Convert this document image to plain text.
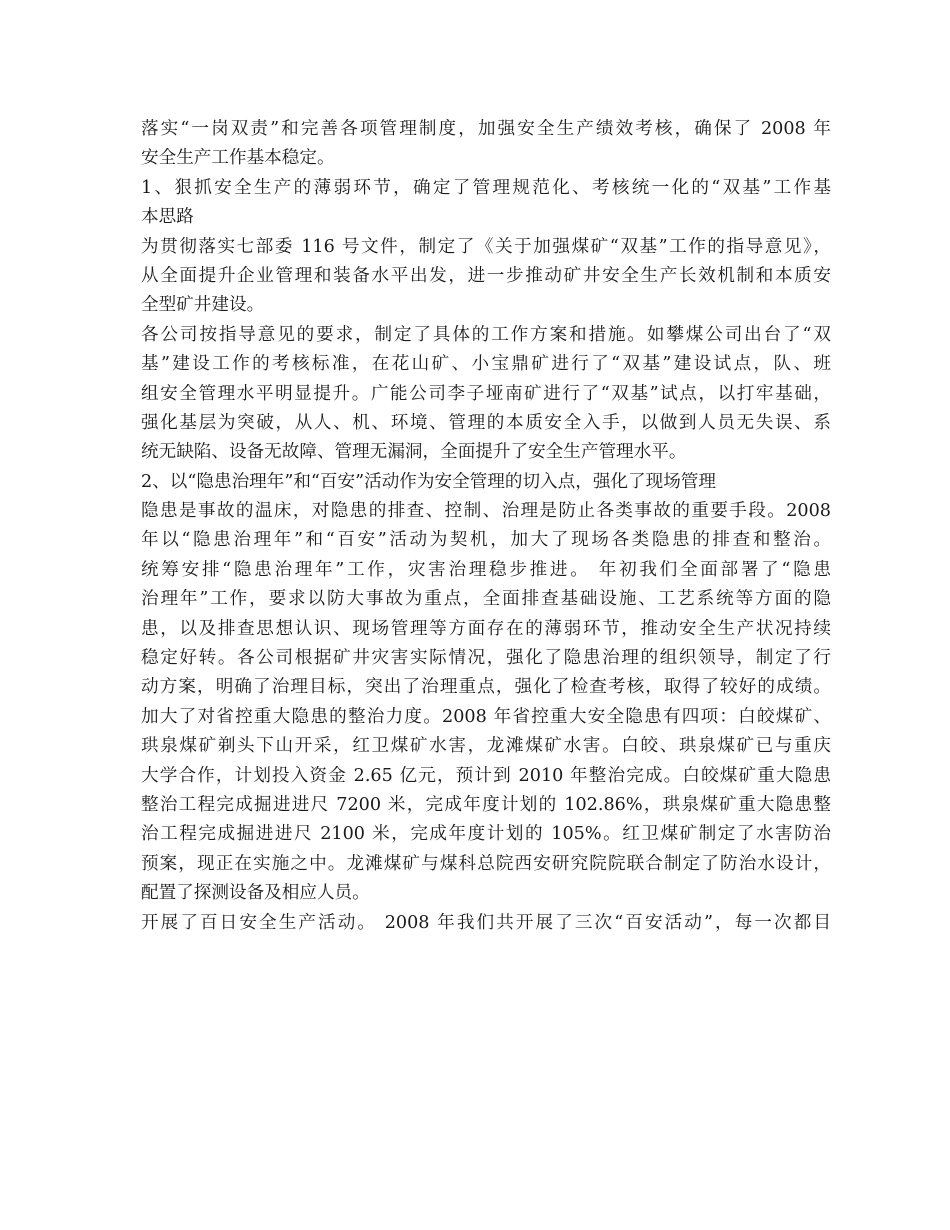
落实“一岗双责”和完善各项管理制度，加强安全生产绩效考核，确保了 2008 年
安全生产工作基本稳定。
1、狠抓安全生产的薄弱环节，确定了管理规范化、考核统一化的“双基”工作基
本思路
为贯彻落实七部委 116 号文件，制定了《关于加强煤矿“双基”工作的指导意见》，
从全面提升企业管理和装备水平出发，进一步推动矿井安全生产长效机制和本质安
全型矿井建设。
各公司按指导意见的要求，制定了具体的工作方案和措施。如攀煤公司出台了“双
基”建设工作的考核标准，在花山矿、小宝鼎矿进行了“双基”建设试点，队、班
组安全管理水平明显提升。广能公司李子垭南矿进行了“双基”试点，以打牢基础，
强化基层为突破，从人、机、环境、管理的本质安全入手，以做到人员无失误、系
统无缺陷、设备无故障、管理无漏洞，全面提升了安全生产管理水平。
2、以“隐患治理年”和“百安”活动作为安全管理的切入点，强化了现场管理
隐患是事故的温床，对隐患的排查、控制、治理是防止各类事故的重要手段。2008
年以“隐患治理年”和“百安”活动为契机，加大了现场各类隐患的排查和整治。
统筹安排“隐患治理年”工作，灾害治理稳步推进。 年初我们全面部署了“隐患
治理年”工作，要求以防大事故为重点，全面排查基础设施、工艺系统等方面的隐
患，以及排查思想认识、现场管理等方面存在的薄弱环节，推动安全生产状况持续
稳定好转。各公司根据矿井灾害实际情况，强化了隐患治理的组织领导，制定了行
动方案，明确了治理目标，突出了治理重点，强化了检查考核，取得了较好的成绩。
加大了对省控重大隐患的整治力度。2008 年省控重大安全隐患有四项：白皎煤矿、
珙泉煤矿剃头下山开采，红卫煤矿水害，龙滩煤矿水害。白皎、珙泉煤矿已与重庆
大学合作，计划投入资金 2.65 亿元，预计到 2010 年整治完成。白皎煤矿重大隐患
整治工程完成掘进进尺 7200 米，完成年度计划的 102.86%，珙泉煤矿重大隐患整
治工程完成掘进进尺 2100 米，完成年度计划的 105%。红卫煤矿制定了水害防治
预案，现正在实施之中。龙滩煤矿与煤科总院西安研究院院联合制定了防治水设计，
配置了探测设备及相应人员。
开展了百日安全生产活动。 2008 年我们共开展了三次“百安活动”，每一次都目
